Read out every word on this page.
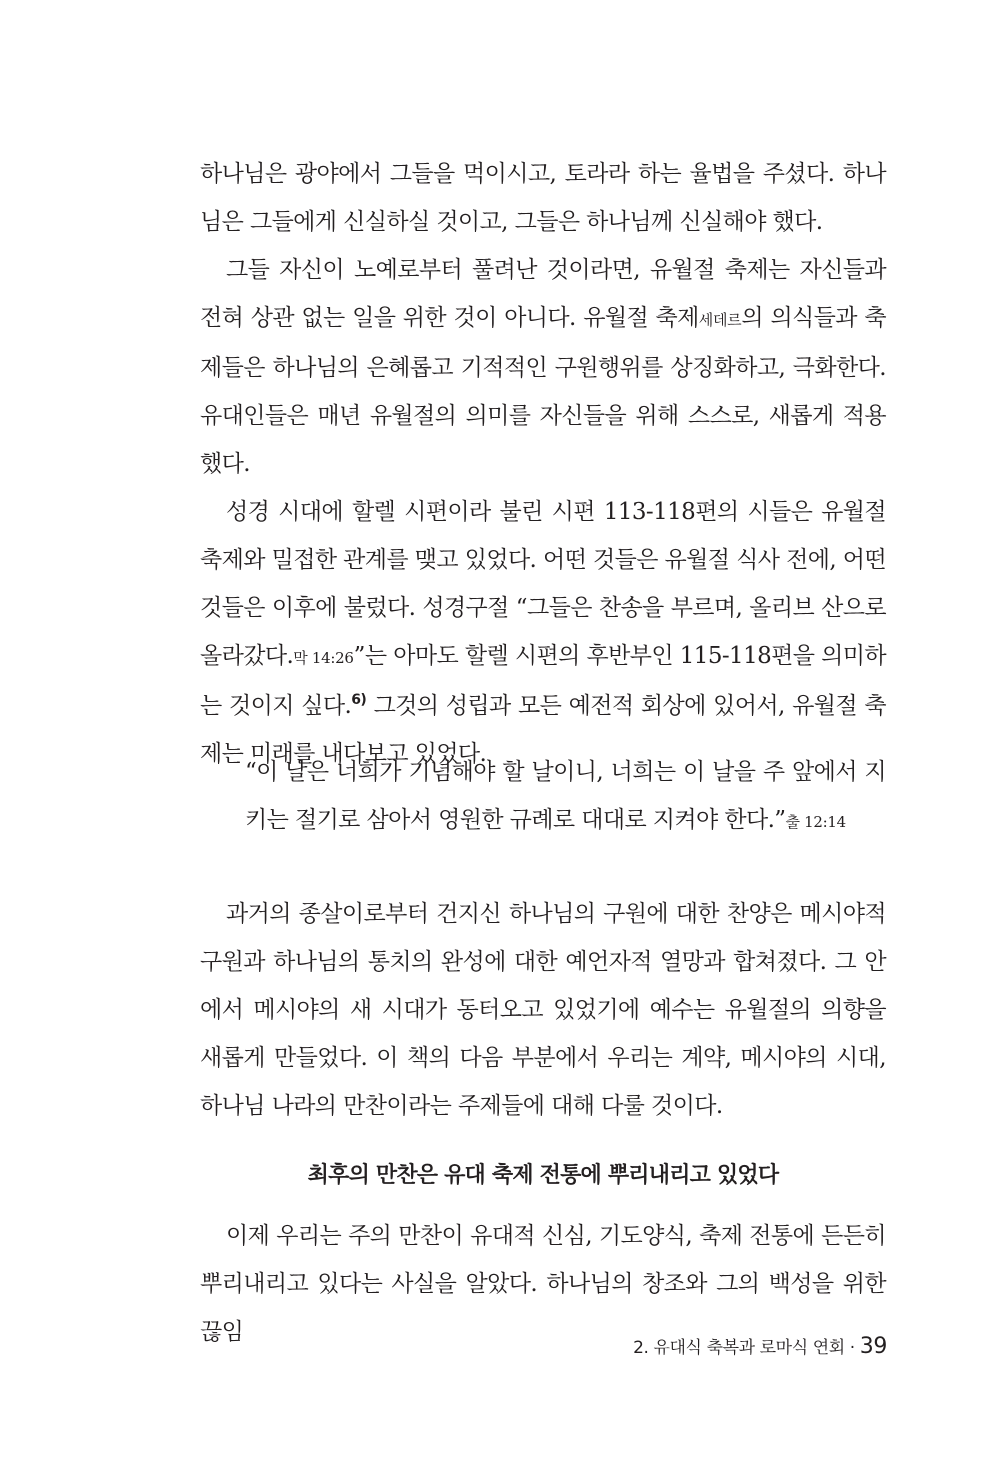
하나님은 광야에서 그들을 먹이시고, 토라라 하는 율법을 주셨다. 하나님은 그들에게 신실하실 것이고, 그들은 하나님께 신실해야 했다.

그들 자신이 노예로부터 풀려난 것이라면, 유월절 축제는 자신들과 전혀 상관 없는 일을 위한 것이 아니다. 유월절 축제세데르의 의식들과 축제들은 하나님의 은혜롭고 기적적인 구원행위를 상징화하고, 극화한다. 유대인들은 매년 유월절의 의미를 자신들을 위해 스스로, 새롭게 적용했다.

성경 시대에 할렐 시편이라 불린 시편 113-118편의 시들은 유월절 축제와 밀접한 관계를 맺고 있었다. 어떤 것들은 유월절 식사 전에, 어떤 것들은 이후에 불렀다. 성경구절 “그들은 찬송을 부르며, 올리브 산으로 올라갔다.막 14:26”는 아마도 할렐 시편의 후반부인 115-118편을 의미하는 것이지 싶다.$^{6)}$ 그것의 성립과 모든 예전적 회상에 있어서, 유월절 축제는 미래를 내다보고 있었다.

“이 날은 너희가 기념해야 할 날이니, 너희는 이 날을 주 앞에서 지키는 절기로 삼아서 영원한 규례로 대대로 지켜야 한다.”출 12:14

과거의 종살이로부터 건지신 하나님의 구원에 대한 찬양은 메시야적 구원과 하나님의 통치의 완성에 대한 예언자적 열망과 합쳐졌다. 그 안에서 메시야의 새 시대가 동터오고 있었기에 예수는 유월절의 의향을 새롭게 만들었다. 이 책의 다음 부분에서 우리는 계약, 메시야의 시대, 하나님 나라의 만찬이라는 주제들에 대해 다룰 것이다.

최후의 만찬은 유대 축제 전통에 뿌리내리고 있었다

이제 우리는 주의 만찬이 유대적 신심, 기도양식, 축제 전통에 든든히 뿌리내리고 있다는 사실을 알았다. 하나님의 창조와 그의 백성을 위한 끊임

2. 유대식 축복과 로마식 연회 · 39
